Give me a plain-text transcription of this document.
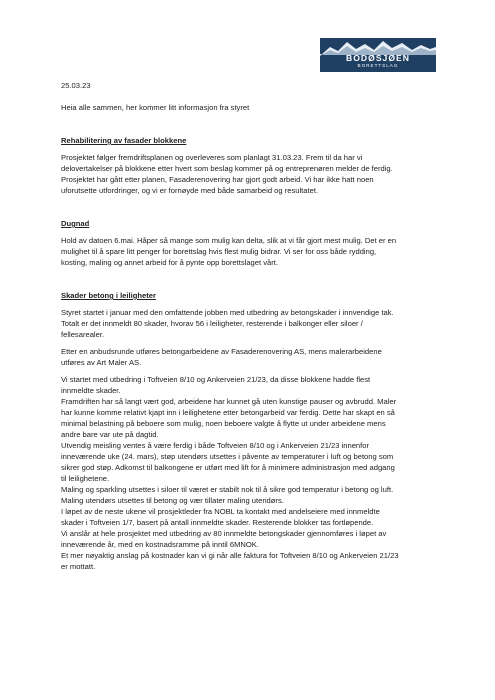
BODØSJØEN
BORETTSLAG

25.03.23

Heia alle sammen, her kommer litt informasjon fra styret

Rehabilitering av fasader blokkene

Prosjektet følger fremdriftsplanen og overleveres som planlagt 31.03.23. Frem til da har vi
delovertakelser på blokkene etter hvert som beslag kommer på og entreprenøren melder de ferdig.
Prosjektet har gått etter planen, Fasaderenovering har gjort godt arbeid. Vi har ikke hatt noen
uforutsette utfordringer, og vi er fornøyde med både samarbeid og resultatet.

Dugnad

Hold av datoen 6.mai. Håper så mange som mulig kan delta, slik at vi får gjort mest mulig. Det er en
mulighet til å spare litt penger for borettslag hvis flest mulig bidrar. Vi ser for oss både rydding,
kosting, maling og annet arbeid for å pynte opp borettslaget vårt.

Skader betong i leiligheter

Styret startet i januar med den omfattende jobben med utbedring av betongskader i innvendige tak.
Totalt er det innmeldt 80 skader, hvorav 56 i leiligheter, resterende i balkonger eller siloer /
fellesarealer.

Etter en anbudsrunde utføres betongarbeidene av Fasaderenovering AS, mens malerarbeidene
utføres av Art Maler AS.

Vi startet med utbedring i Toftveien 8/10 og Ankerveien 21/23, da disse blokkene hadde flest
innmeldte skader.
Framdriften har så langt vært god, arbeidene har kunnet gå uten kunstige pauser og avbrudd. Maler
har kunne komme relativt kjapt inn i leilighetene etter betongarbeid var ferdig. Dette har skapt en så
minimal belastning på beboere som mulig, noen beboere valgte å flytte ut under arbeidene mens
andre bare var ute på dagtid.
Utvendig meisling ventes å være ferdig i både Toftveien 8/10 og i Ankerveien 21/23 innenfor
inneværende uke (24. mars), støp utendørs utsettes i påvente av temperaturer i luft og betong som
sikrer god støp. Adkomst til balkongene er utført med lift for å minimere administrasjon med adgang
til leilighetene.
Maling og sparkling utsettes i siloer til været er stabilt nok til å sikre god temperatur i betong og luft.
Maling utendørs utsettes til betong og vær tillater maling utendørs.
I løpet av de neste ukene vil prosjektleder fra NOBL ta kontakt med andelseiere med innmeldte
skader i Toftveien 1/7, basert på antall innmeldte skader. Resterende blokker tas fortløpende.
Vi anslår at hele prosjektet med utbedring av 80 innmeldte betongskader gjennomføres i løpet av
inneværende år, med en kostnadsramme på inntil 6MNOK.
Et mer nøyaktig anslag på kostnader kan vi gi når alle faktura for Toftveien 8/10 og Ankerveien 21/23
er mottatt.
